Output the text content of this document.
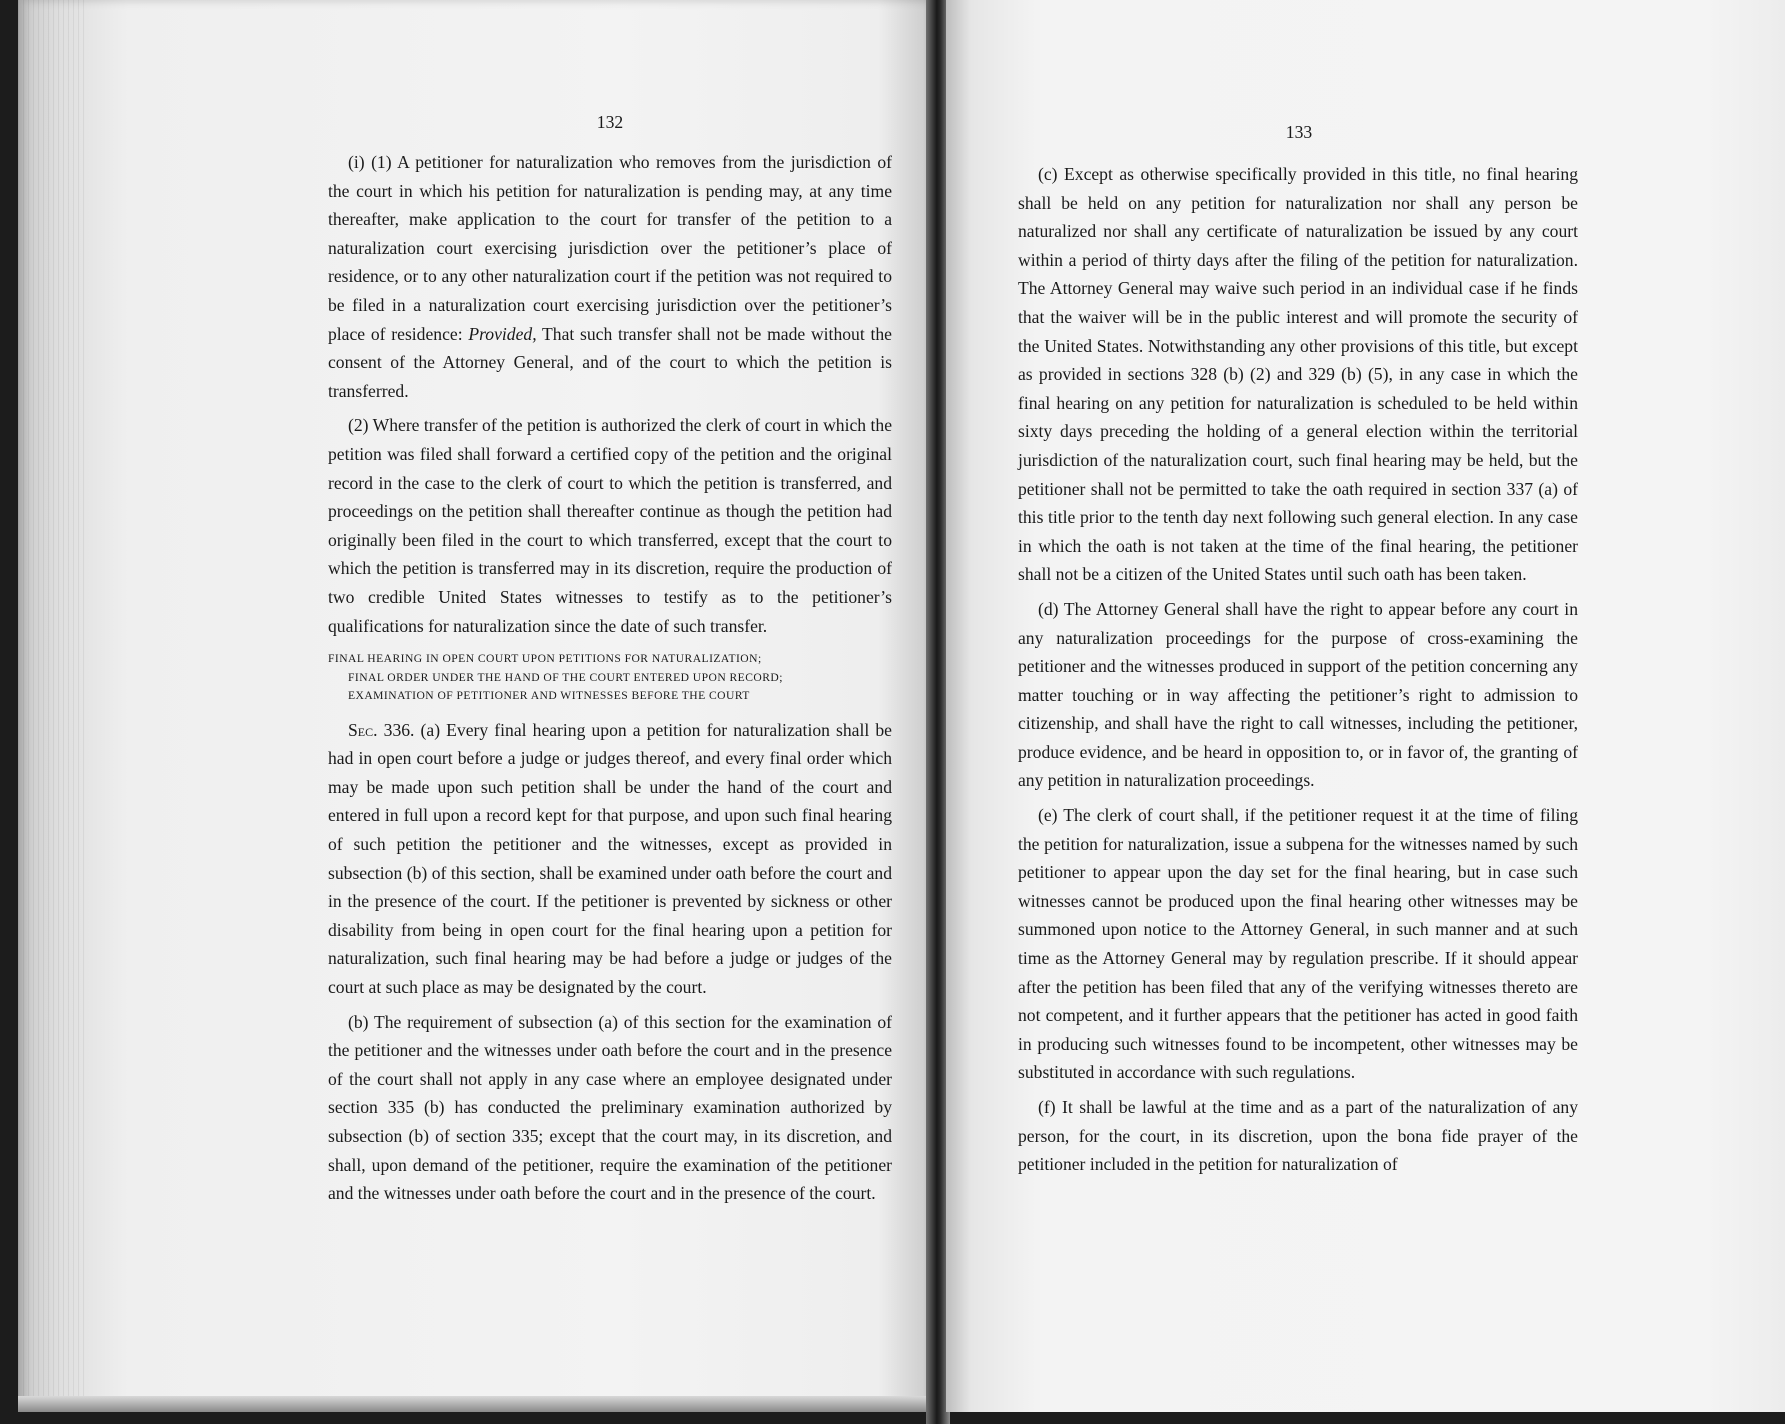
132

(i) (1) A petitioner for naturalization who removes from the jurisdiction of the court in which his petition for naturalization is pending may, at any time thereafter, make application to the court for transfer of the petition to a naturalization court exercising jurisdiction over the petitioner’s place of residence, or to any other naturalization court if the petition was not required to be filed in a naturalization court exercising jurisdiction over the petitioner’s place of residence: Provided, That such transfer shall not be made without the consent of the Attorney General, and of the court to which the petition is transferred.

(2) Where transfer of the petition is authorized the clerk of court in which the petition was filed shall forward a certified copy of the petition and the original record in the case to the clerk of court to which the petition is transferred, and proceedings on the petition shall thereafter continue as though the petition had originally been filed in the court to which transferred, except that the court to which the petition is transferred may in its discretion, require the production of two credible United States witnesses to testify as to the petitioner’s qualifications for naturalization since the date of such transfer.

FINAL HEARING IN OPEN COURT UPON PETITIONS FOR NATURALIZATION;
FINAL ORDER UNDER THE HAND OF THE COURT ENTERED UPON RECORD;
EXAMINATION OF PETITIONER AND WITNESSES BEFORE THE COURT

Sec. 336. (a) Every final hearing upon a petition for naturalization shall be had in open court before a judge or judges thereof, and every final order which may be made upon such petition shall be under the hand of the court and entered in full upon a record kept for that purpose, and upon such final hearing of such petition the petitioner and the witnesses, except as provided in subsection (b) of this section, shall be examined under oath before the court and in the presence of the court. If the petitioner is prevented by sickness or other disability from being in open court for the final hearing upon a petition for naturalization, such final hearing may be had before a judge or judges of the court at such place as may be designated by the court.

(b) The requirement of subsection (a) of this section for the examination of the petitioner and the witnesses under oath before the court and in the presence of the court shall not apply in any case where an employee designated under section 335 (b) has conducted the preliminary examination authorized by subsection (b) of section 335; except that the court may, in its discretion, and shall, upon demand of the petitioner, require the examination of the petitioner and the witnesses under oath before the court and in the presence of the court.

133

(c) Except as otherwise specifically provided in this title, no final hearing shall be held on any petition for naturalization nor shall any person be naturalized nor shall any certificate of naturalization be issued by any court within a period of thirty days after the filing of the petition for naturalization. The Attorney General may waive such period in an individual case if he finds that the waiver will be in the public interest and will promote the security of the United States. Notwithstanding any other provisions of this title, but except as provided in sections 328 (b) (2) and 329 (b) (5), in any case in which the final hearing on any petition for naturalization is scheduled to be held within sixty days preceding the holding of a general election within the territorial jurisdiction of the naturalization court, such final hearing may be held, but the petitioner shall not be permitted to take the oath required in section 337 (a) of this title prior to the tenth day next following such general election. In any case in which the oath is not taken at the time of the final hearing, the petitioner shall not be a citizen of the United States until such oath has been taken.

(d) The Attorney General shall have the right to appear before any court in any naturalization proceedings for the purpose of cross-examining the petitioner and the witnesses produced in support of the petition concerning any matter touching or in way affecting the petitioner’s right to admission to citizenship, and shall have the right to call witnesses, including the petitioner, produce evidence, and be heard in opposition to, or in favor of, the granting of any petition in naturalization proceedings.

(e) The clerk of court shall, if the petitioner request it at the time of filing the petition for naturalization, issue a subpena for the witnesses named by such petitioner to appear upon the day set for the final hearing, but in case such witnesses cannot be produced upon the final hearing other witnesses may be summoned upon notice to the Attorney General, in such manner and at such time as the Attorney General may by regulation prescribe. If it should appear after the petition has been filed that any of the verifying witnesses thereto are not competent, and it further appears that the petitioner has acted in good faith in producing such witnesses found to be incompetent, other witnesses may be substituted in accordance with such regulations.

(f) It shall be lawful at the time and as a part of the naturalization of any person, for the court, in its discretion, upon the bona fide prayer of the petitioner included in the petition for naturalization of
